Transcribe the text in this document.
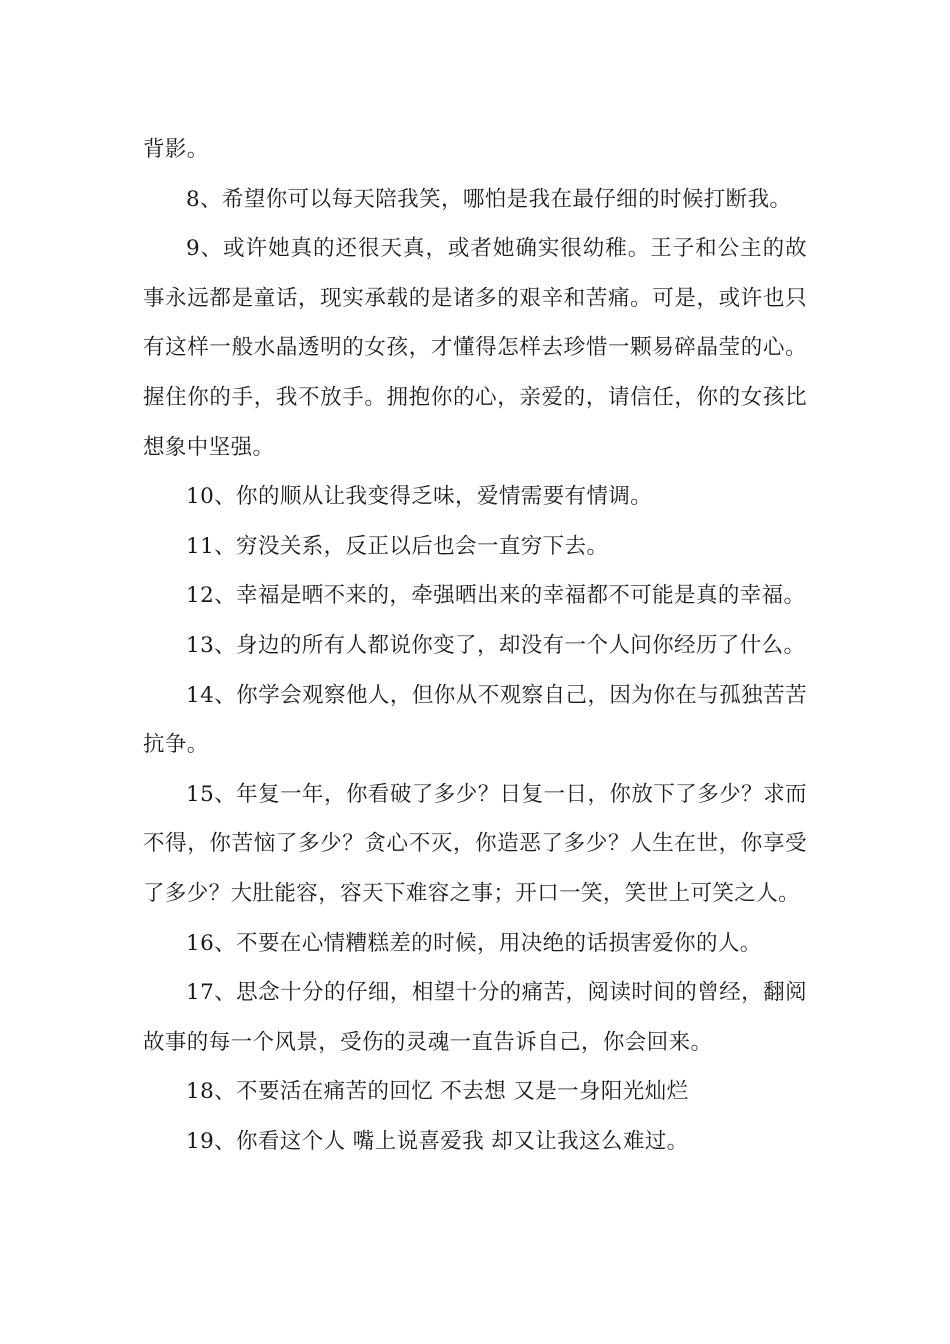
背影。

8、希望你可以每天陪我笑，哪怕是我在最仔细的时候打断我。

9、或许她真的还很天真，或者她确实很幼稚。王子和公主的故事永远都是童话，现实承载的是诸多的艰辛和苦痛。可是，或许也只有这样一般水晶透明的女孩，才懂得怎样去珍惜一颗易碎晶莹的心。握住你的手，我不放手。拥抱你的心，亲爱的，请信任，你的女孩比想象中坚强。

10、你的顺从让我变得乏味，爱情需要有情调。

11、穷没关系，反正以后也会一直穷下去。

12、幸福是晒不来的，牵强晒出来的幸福都不可能是真的幸福。

13、身边的所有人都说你变了，却没有一个人问你经历了什么。

14、你学会观察他人，但你从不观察自己，因为你在与孤独苦苦抗争。

15、年复一年，你看破了多少？日复一日，你放下了多少？求而不得，你苦恼了多少？贪心不灭，你造恶了多少？人生在世，你享受了多少？大肚能容，容天下难容之事；开口一笑，笑世上可笑之人。

16、不要在心情糟糕差的时候，用决绝的话损害爱你的人。

17、思念十分的仔细，相望十分的痛苦，阅读时间的曾经，翻阅故事的每一个风景，受伤的灵魂一直告诉自己，你会回来。

18、不要活在痛苦的回忆 不去想 又是一身阳光灿烂

19、你看这个人 嘴上说喜爱我 却又让我这么难过。
